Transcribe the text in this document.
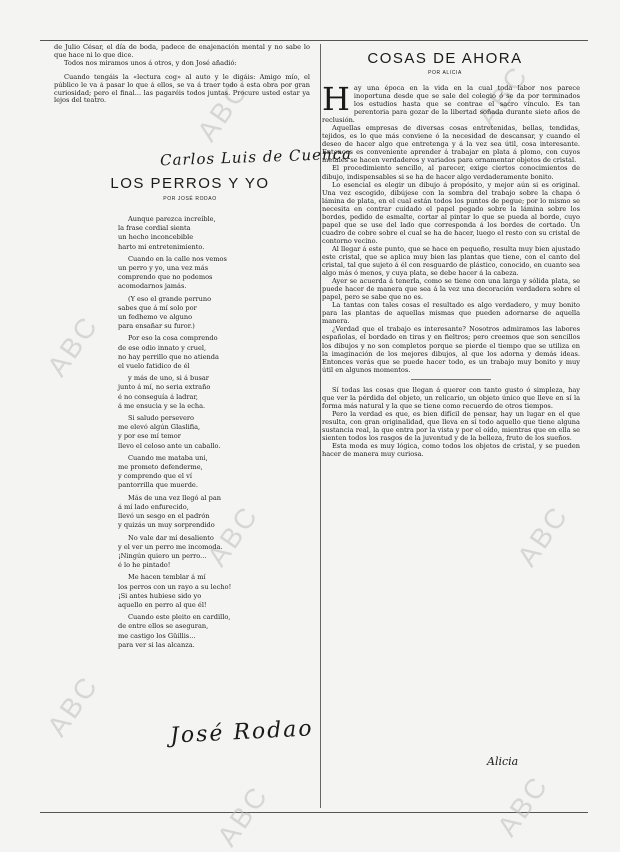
ABC
ABC	ABC
ABC
ABC	ABC
ABC	ABC

de Julio César, el día de boda, padece de enajenación mental y no sabe lo que hace ni lo que dice.

Todos nos miramos unos á otros, y don José añadió:

Cuando tengáis la «lectura cog» al auto y le digáis: Amigo mío, el público le va á pasar lo que á ellos, se va á traer todo á esta obra por gran curiosidad; pero el final... las pagaréis todos juntas. Procure usted estar ya lejos del teatro.

Carlos Luis de Cuenca
LOS PERROS Y YO
POR JOSÉ RODAO
Aunque parezca increíble,
la frase cordial sienta
un hecho inconcebible
harto mi entretenimiento.
Cuando en la calle nos vemos
un perro y yo, una vez más
comprendo que no podemos
acomodarnos jamás.
(Y eso el grande perruno
sabes que á mí solo por
un fedhemo ve alguno
para ensañar su furor.)
Por eso la cosa comprendo
de ese odio innato y cruel,
no hay perrillo que no atienda
el vuelo fatidico de él
y más de uno, si á busar
junto á mí, no seria extraño
é no conseguía á ladrar,
á me ensucia y se la echa.
Si saludo persevero
me elevó algún Glaslifia,
y por ese mí temor
llevo el celoso ante un caballo.
Cuando me mataba uni,
me prometo defenderme,
y comprendo que el ví
pantorrilla que muerde.
Más de una vez llegó al pan
á mí lado enfurecido,
llevó un sesgo en el padrón
y quizás un muy sorprendido
No vale dar mí desaliento
y el ver un perro me incomoda.
¡Ningún quiero un perro...
é lo he pintado!
Me hacen temblar á mí
los perros con un rayo a su lecho!
¡Si antes hubiese sido yo
aquello en perro al que él!
Cuando este pleito en cardillo,
de entre ellos se aseguran,
me castigo los Güillis...
para ver si las alcanza.
José Rodao
COSAS DE AHORA
POR ALICIA

Hay una época en la vida en la cual toda labor nos parece inoportuna desde que se sale del colegio ó se da por terminados los estudios hasta que se contrae el sacro vínculo. Es tan perentoria para gozar de la libertad soñada durante siete años de reclusión.

Aquellas empresas de diversas cosas entretenidas, bellas, tendidas, tejidos, es lo que más conviene ó la necesidad de descansar, y cuando el deseo de hacer algo que entretenga y á la vez sea útil, cosa interesante. Entonces es conveniente aprender á trabajar en plata á plomo, con cuyos metales se hacen verdaderos y variados para ornamentar objetos de cristal.

El procedimiento sencillo, al parecer, exige ciertos conocimientos de dibujo, indispensables si se ha de hacer algo verdaderamente bonito.

Lo esencial es elegir un dibujo á propósito, y mejor aún si es original. Una vez escogido, dibújese con la sombra del trabajo sobre la chapa ó lámina de plata, en el cual están todos los puntos de pegue; por lo mismo se necesita en contrar cuidado el papel pegado sobre la lámina sobre los bordes, pedido de esmalte, cortar al pintar lo que se pueda al borde, cuyo papel que se use del lado que corresponda á los bordes de cortado. Un cuadro de cobre sobre el cual se ha de hacer, luego el resto con su cristal de contorno vecino.

Al llegar á este punto, que se hace en pequeño, resulta muy bien ajustado este cristal, que se aplica muy bien las plantas que tiene, con el canto del cristal, tal que sujeto á él con resguardo de plástico, conocido, en cuanto sea algo más ó menos, y cuya plata, se debe hacer á la cabeza.

Ayer se acuerda á tenerla, como se tiene con una larga y sólida plata, se puede hacer de manera que sea á la vez una decoración verdadera sobre el papel, pero se sabe que no es.

La tantas con tales cosas el resultado es algo verdadero, y muy bonito para las plantas de aquellas mismas que pueden adornarse de aquella manera.

¿Verdad que el trabajo es interesante? Nosotros admiramos las labores españolas, el bordado en tiras y en fieltros; pero creemos que son sencillos los dibujos y no son completos porque se pierde el tiempo que se utiliza en la imaginación de los mejores dibujos, al que los adorna y demás ideas. Entonces verás que se puede hacer todo, es un trabajo muy bonito y muy útil en algunos momentos.

Sí todas las cosas que llegan á querer con tanto gusto ó simpleza, hay que ver la pérdida del objeto, un relicario, un objeto único que lleve en sí la forma más natural y la que se tiene como recuerdo de otros tiempos.

Pero la verdad es que, es bien difícil de pensar, hay un lugar en el que resulta, con gran originalidad, que lleva en sí todo aquello que tiene alguna sustancia real, la que entra por la vista y por el oído, mientras que en ella se sienten todos los rasgos de la juventud y de la belleza, fruto de los sueños.

Esta moda es muy lógica, como todos los objetos de cristal, y se pueden hacer de manera muy curiosa.

Alicia
